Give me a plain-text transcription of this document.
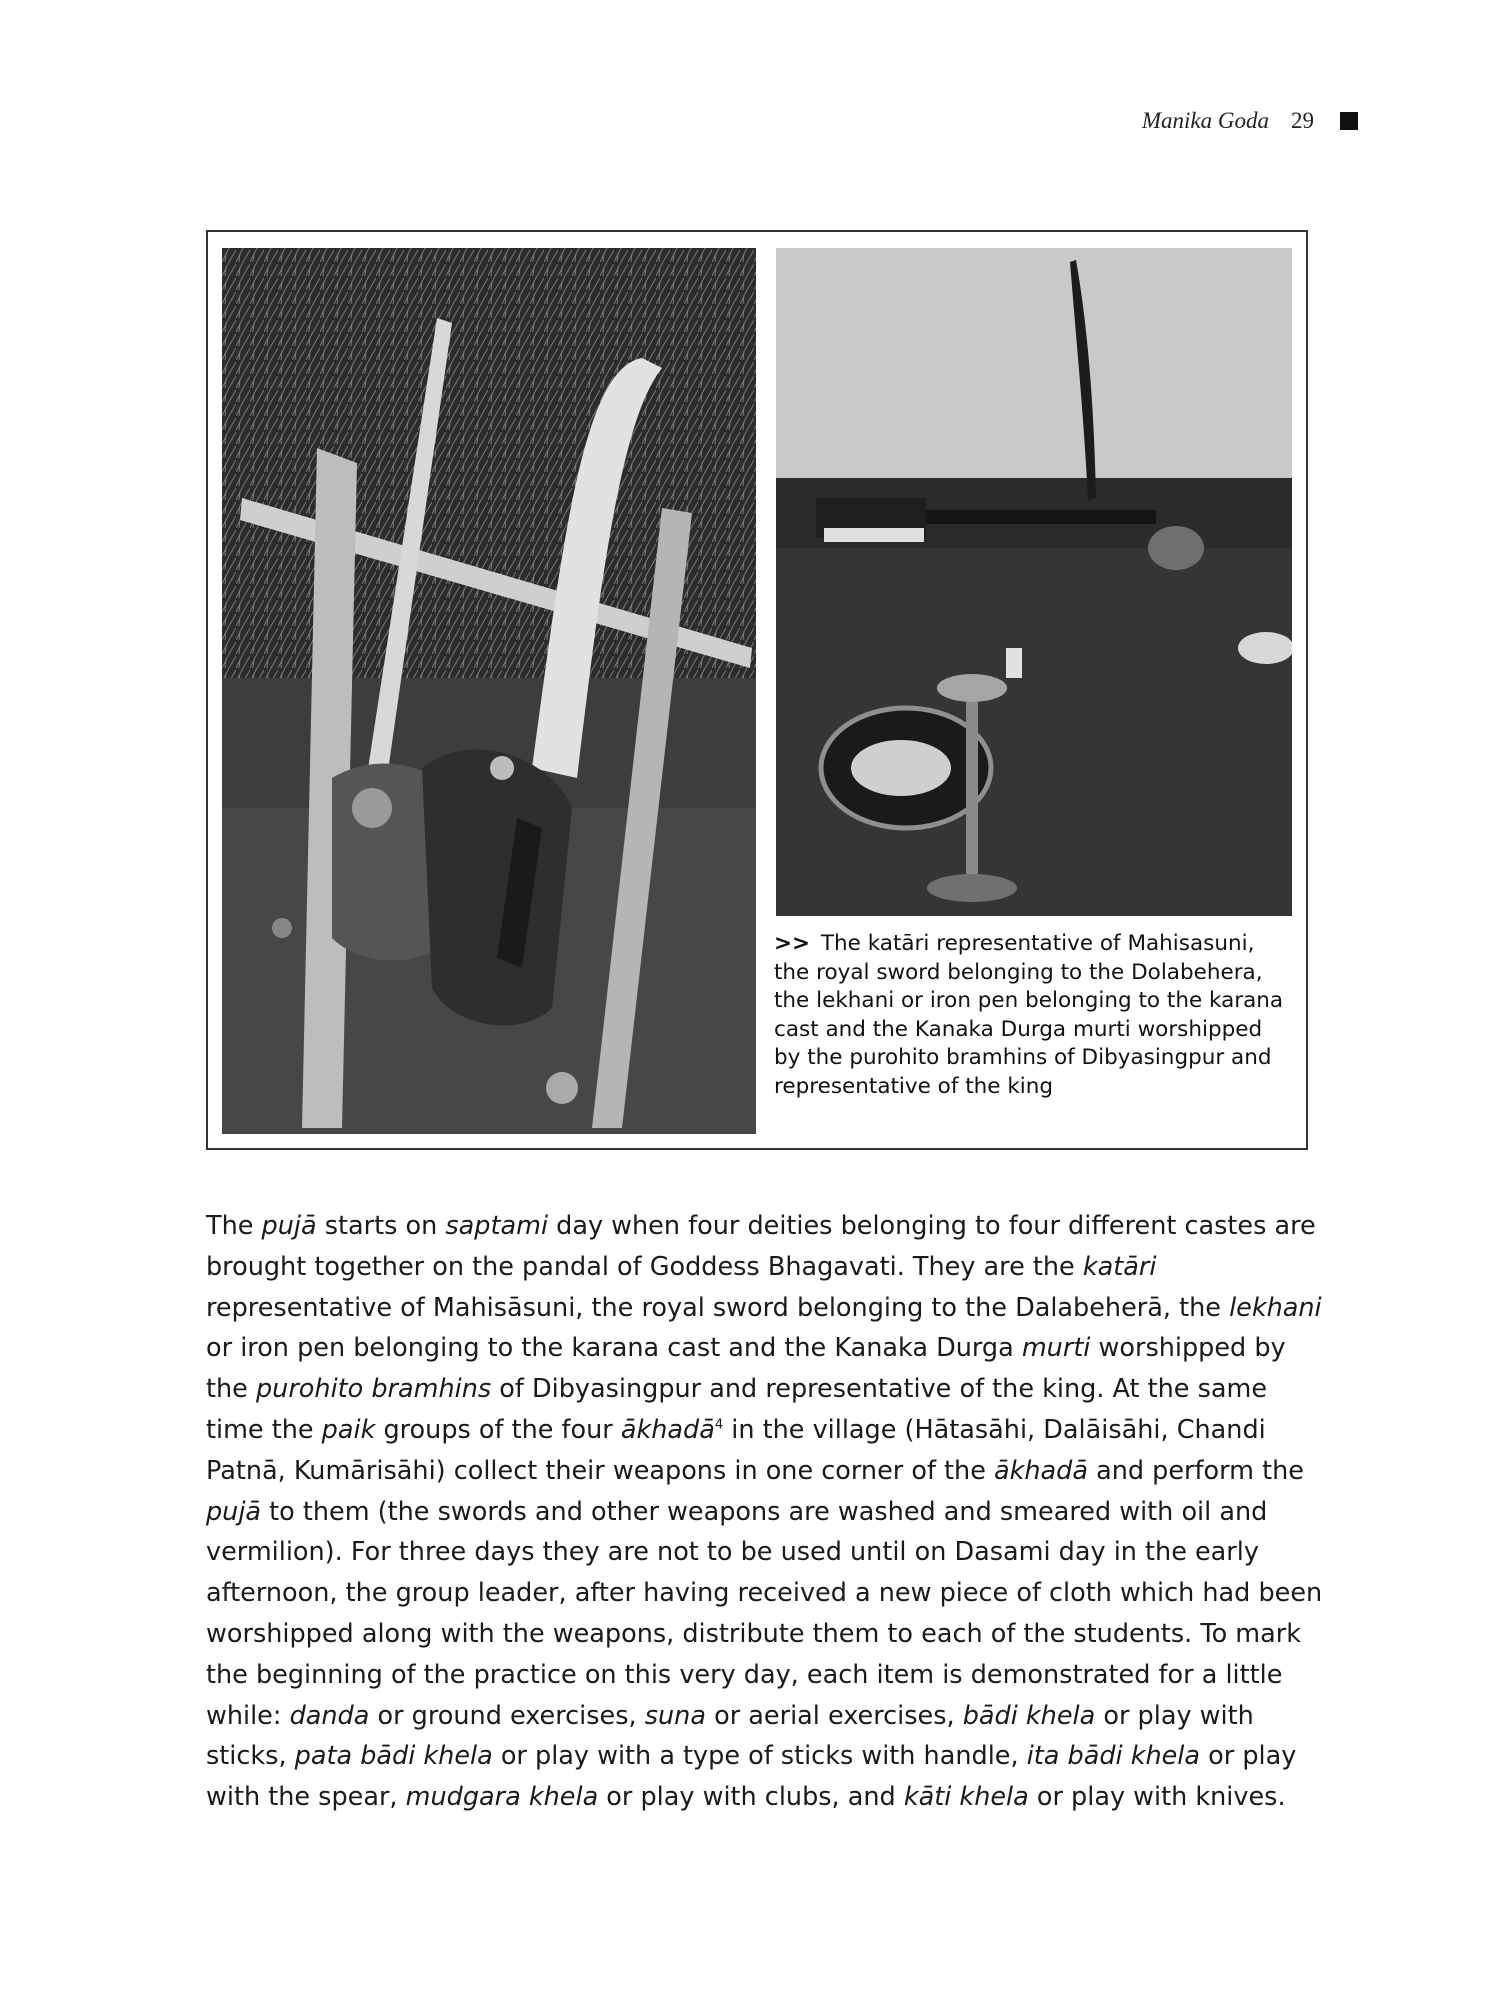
Manika Goda 29
>> The katāri representative of Mahisasuni, the royal sword belonging to the Dolabehera, the lekhani or iron pen belonging to the karana cast and the Kanaka Durga murti worshipped by the purohito bramhins of Dibyasingpur and representative of the king

The pujā starts on saptami day when four deities belonging to four different castes are brought together on the pandal of Goddess Bhagavati. They are the katāri representative of Mahisāsuni, the royal sword belonging to the Dalabeherā, the lekhani or iron pen belonging to the karana cast and the Kanaka Durga murti worshipped by the purohito bramhins of Dibyasingpur and representative of the king. At the same time the paik groups of the four ākhadā$^4$ in the village (Hātasāhi, Dalāisāhi, Chandi Patnā, Kumārisāhi) collect their weapons in one corner of the ākhadā and perform the pujā to them (the swords and other weapons are washed and smeared with oil and vermilion). For three days they are not to be used until on Dasami day in the early afternoon, the group leader, after having received a new piece of cloth which had been worshipped along with the weapons, distribute them to each of the students. To mark the beginning of the practice on this very day, each item is demonstrated for a little while: danda or ground exercises, suna or aerial exercises, bādi khela or play with sticks, pata bādi khela or play with a type of sticks with handle, ita bādi khela or play with the spear, mudgara khela or play with clubs, and kāti khela or play with knives.
